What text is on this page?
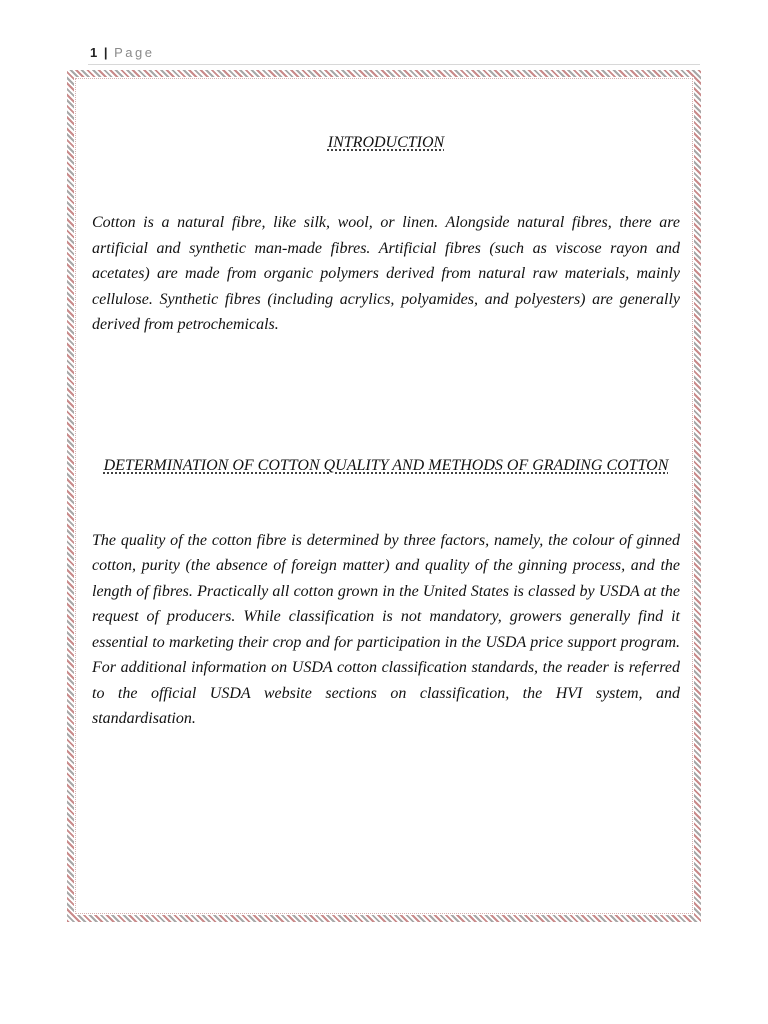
1 | Page
INTRODUCTION

Cotton is a natural fibre, like silk, wool, or linen. Alongside natural fibres, there are artificial and synthetic man-made fibres. Artificial fibres (such as viscose rayon and acetates) are made from organic polymers derived from natural raw materials, mainly cellulose. Synthetic fibres (including acrylics, polyamides, and polyesters) are generally derived from petrochemicals.

DETERMINATION OF COTTON QUALITY AND METHODS OF GRADING COTTON

The quality of the cotton fibre is determined by three factors, namely, the colour of ginned cotton, purity (the absence of foreign matter) and quality of the ginning process, and the length of fibres. Practically all cotton grown in the United States is classed by USDA at the request of producers. While classification is not mandatory, growers generally find it essential to marketing their crop and for participation in the USDA price support program. For additional information on USDA cotton classification standards, the reader is referred to the official USDA website sections on classification, the HVI system, and standardisation.
